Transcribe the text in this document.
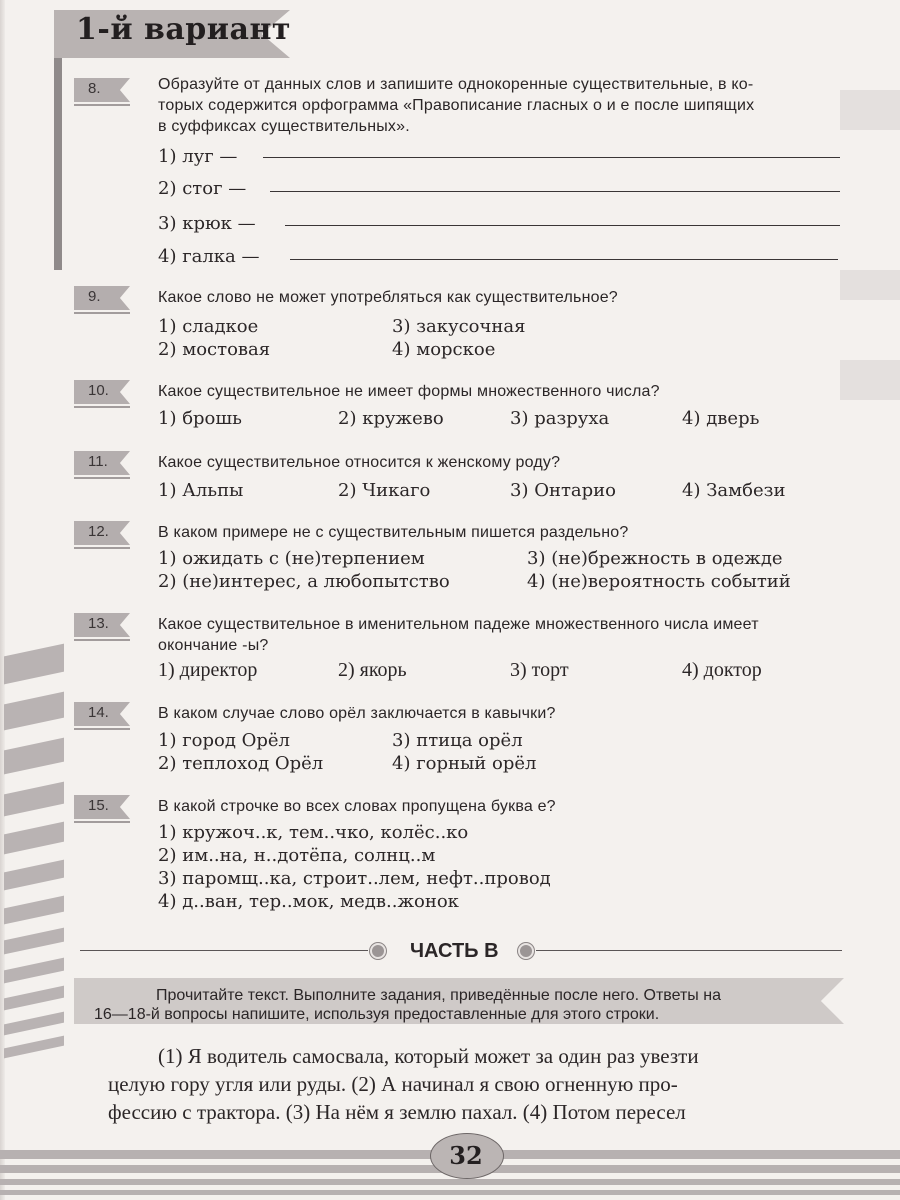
1-й вариант
8.	Образуйте от данных слов и запишите однокоренные существительные, в ко-
торых содержится орфограмма «Правописание гласных о и е после шипящих
в суффиксах существительных».
1) луг —
2) стог —
3) крюк —
4) галка —
9.	Какое слово не может употребляться как существительное?
1) сладкое
2) мостовая
3) закусочная
4) морское
10.	Какое существительное не имеет формы множественного числа?
1) брошь	2) кружево	3) разруха	4) дверь
11.	Какое существительное относится к женскому роду?
1) Альпы	2) Чикаго	3) Онтарио	4) Замбези
12.	В каком примере не с существительным пишется раздельно?
1) ожидать с (не)терпением
2) (не)интерес, а любопытство
3) (не)брежность в одежде
4) (не)вероятность событий
13.	Какое существительное в именительном падеже множественного числа имеет
окончание -ы?
1) директор	2) якорь	3) торт	4) доктор
14.	В каком случае слово орёл заключается в кавычки?
1) город Орёл
2) теплоход Орёл
3) птица орёл
4) горный орёл
15.	В какой строчке во всех словах пропущена буква е?
1) кружоч..к, тем..чко, колёс..ко
2) им..на, н..дотёпа, солнц..м
3) паромщ..ка, строит..лем, нефт..провод
4) д..ван, тер..мок, медв..жонок
ЧАСТЬ В
Прочитайте текст. Выполните задания, приведённые после него. Ответы на
16—18-й вопросы напишите, используя предоставленные для этого строки.
(1) Я водитель самосвала, который может за один раз увезти
целую гору угля или руды. (2) А начинал я свою огненную про-
фессию с трактора. (3) На нём я землю пахал. (4) Потом пересел
32
